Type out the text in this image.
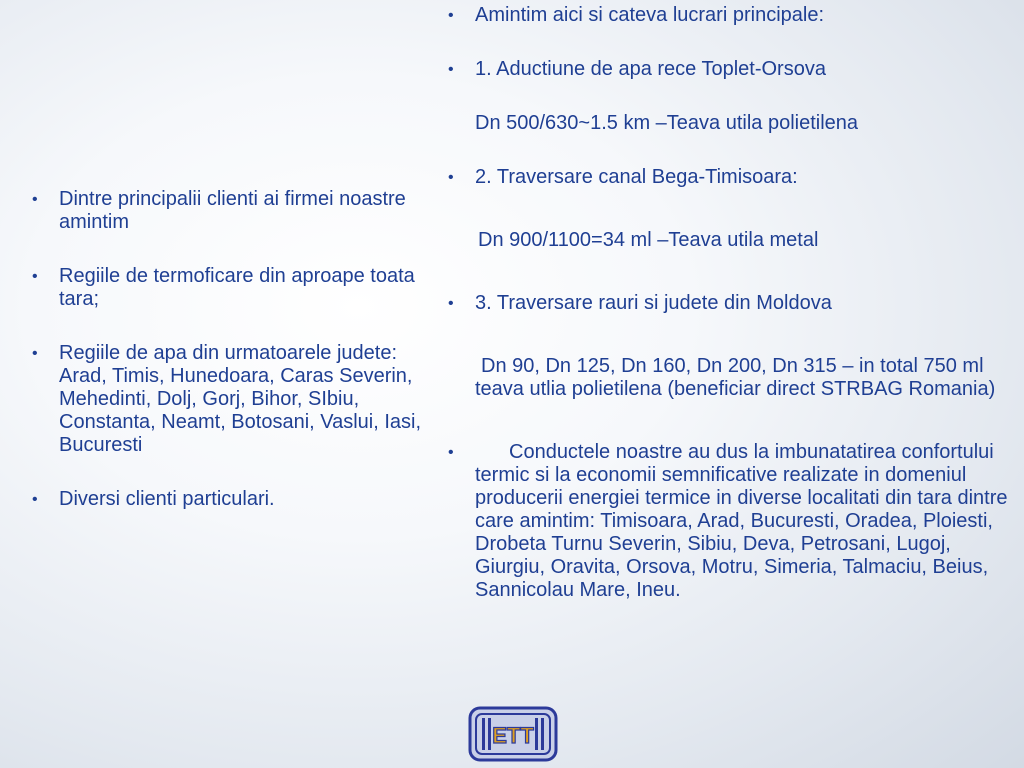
•	Dintre principalii clienti ai firmei noastre amintim
•	Regiile de termoficare din aproape toata tara;
•	Regiile de apa din urmatoarele judete: Arad, Timis, Hunedoara, Caras Severin, Mehedinti, Dolj, Gorj, Bihor, SIbiu, Constanta, Neamt, Botosani, Vaslui, Iasi, Bucuresti
•	Diversi clienti particulari.
•	Amintim aici si cateva lucrari principale:
•	1. Aductiune de apa rece Toplet-Orsova
Dn 500/630~1.5 km –Teava utila polietilena
•	2. Traversare canal Bega-Timisoara:
Dn 900/1100=34 ml –Teava utila metal
•	3. Traversare rauri si judete din Moldova
Dn 90, Dn 125, Dn 160, Dn 200, Dn 315 – in total 750 ml teava utlia polietilena (beneficiar direct STRBAG Romania)
•	Conductele noastre au dus la imbunatatirea confortului termic si la economii semnificative realizate in domeniul producerii energiei termice in diverse localitati din tara dintre care amintim: Timisoara, Arad, Bucuresti, Oradea, Ploiesti, Drobeta Turnu Severin, Sibiu, Deva, Petrosani, Lugoj, Giurgiu, Oravita, Orsova, Motru, Simeria, Talmaciu, Beius, Sannicolau Mare, Ineu.
ETT
